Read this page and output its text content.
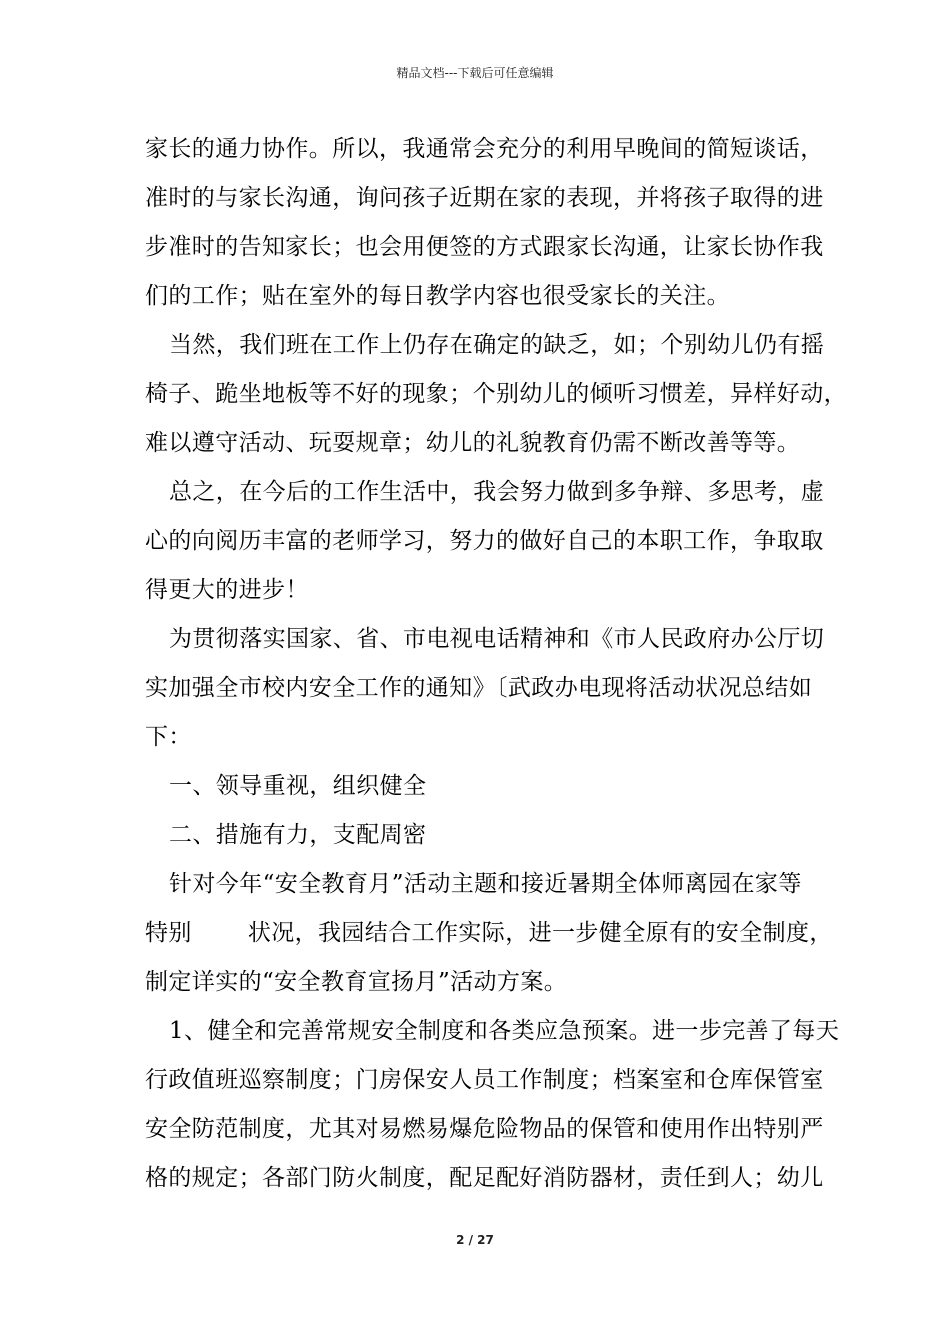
精品文档---下载后可任意编辑
家长的通力协作。所以，我通常会充分的利用早晚间的简短谈话，
准时的与家长沟通，询问孩子近期在家的表现，并将孩子取得的进
步准时的告知家长；也会用便签的方式跟家长沟通，让家长协作我
们的工作；贴在室外的每日教学内容也很受家长的关注。
当然，我们班在工作上仍存在确定的缺乏，如；个别幼儿仍有摇
椅子、跪坐地板等不好的现象；个别幼儿的倾听习惯差，异样好动，
难以遵守活动、玩耍规章；幼儿的礼貌教育仍需不断改善等等。
总之，在今后的工作生活中，我会努力做到多争辩、多思考，虚
心的向阅历丰富的老师学习，努力的做好自己的本职工作，争取取
得更大的进步！
为贯彻落实国家、省、市电视电话精神和《市人民政府办公厅切
实加强全市校内安全工作的通知》〔武政办电现将活动状况总结如
下：
一、领导重视，组织健全
二、措施有力，支配周密
针对今年“安全教育月”活动主题和接近暑期全体师离园在家等
特别 状况，我园结合工作实际，进一步健全原有的安全制度，
制定详实的“安全教育宣扬月”活动方案。
1、健全和完善常规安全制度和各类应急预案。进一步完善了每天
行政值班巡察制度；门房保安人员工作制度；档案室和仓库保管室
安全防范制度，尤其对易燃易爆危险物品的保管和使用作出特别严
格的规定；各部门防火制度，配足配好消防器材，责任到人；幼儿
2 / 27
